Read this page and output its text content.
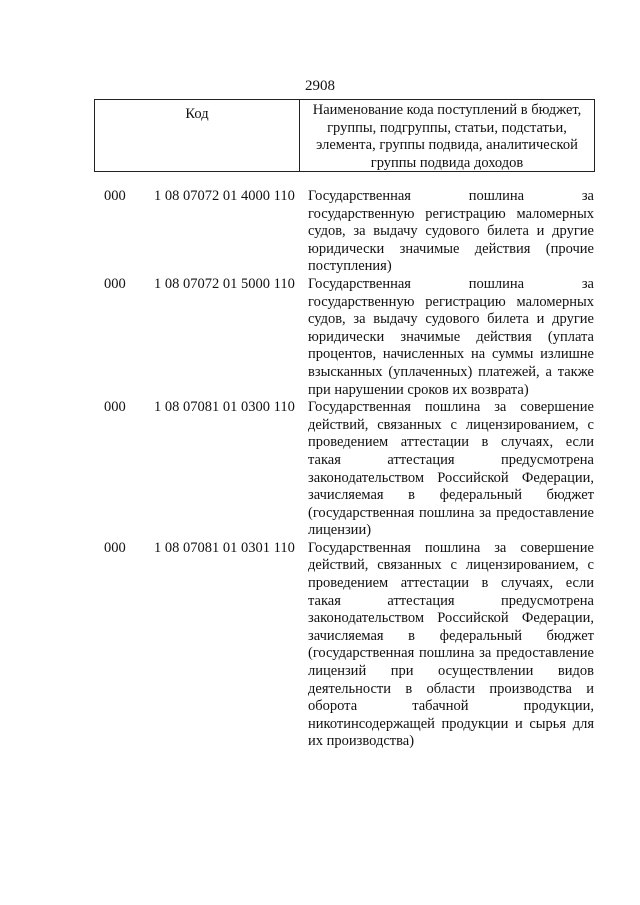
2908
Код	Наименование кода поступлений в бюджет, группы, подгруппы, статьи, подстатьи, элемента, группы подвида, аналитической группы подвида доходов
000	1 08 07072 01 4000 110 Государственная пошлина за государственную регистрацию маломерных судов, за выдачу судового билета и другие юридически значимые действия (прочие поступления)
000	1 08 07072 01 5000 110 Государственная пошлина за государственную регистрацию маломерных судов, за выдачу судового билета и другие юридически значимые действия (уплата процентов, начисленных на суммы излишне взысканных (уплаченных) платежей, а также при нарушении сроков их возврата)
000	1 08 07081 01 0300 110 Государственная пошлина за совершение действий, связанных с лицензированием, с проведением аттестации в случаях, если такая аттестация предусмотрена законодательством Российской Федерации, зачисляемая в федеральный бюджет (государственная пошлина за предоставление лицензии)
000	1 08 07081 01 0301 110 Государственная пошлина за совершение действий, связанных с лицензированием, с проведением аттестации в случаях, если такая аттестация предусмотрена законодательством Российской Федерации, зачисляемая в федеральный бюджет (государственная пошлина за предоставление лицензий при осуществлении видов деятельности в области производства и оборота табачной продукции, никотинсодержащей продукции и сырья для их производства)
